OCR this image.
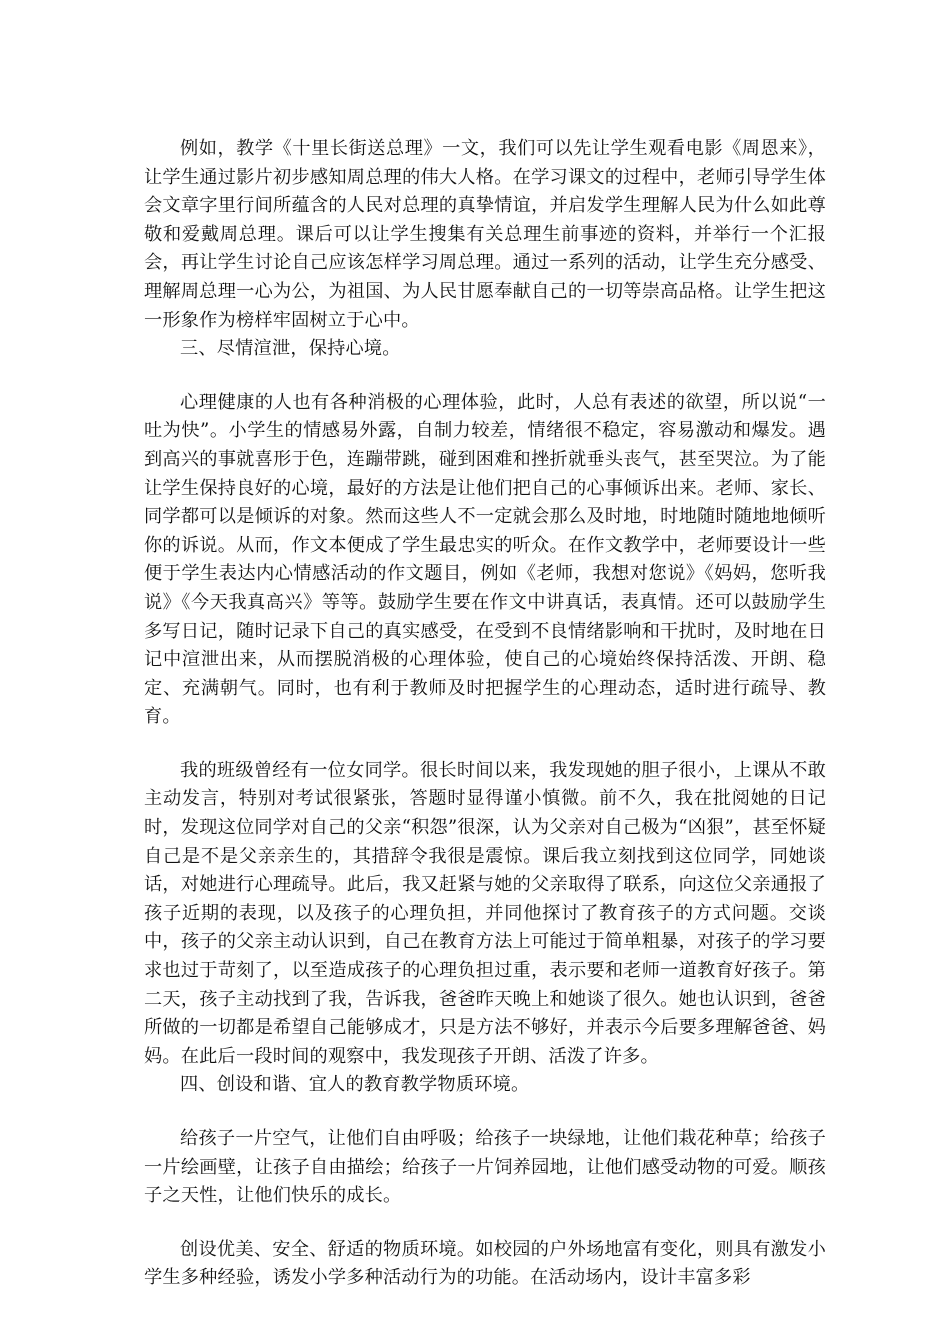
例如，教学《十里长街送总理》一文，我们可以先让学生观看电影《周恩来》，让学生通过影片初步感知周总理的伟大人格。在学习课文的过程中，老师引导学生体会文章字里行间所蕴含的人民对总理的真挚情谊，并启发学生理解人民为什么如此尊敬和爱戴周总理。课后可以让学生搜集有关总理生前事迹的资料，并举行一个汇报会，再让学生讨论自己应该怎样学习周总理。通过一系列的活动，让学生充分感受、理解周总理一心为公，为祖国、为人民甘愿奉献自己的一切等崇高品格。让学生把这一形象作为榜样牢固树立于心中。

三、尽情渲泄，保持心境。

心理健康的人也有各种消极的心理体验，此时，人总有表述的欲望，所以说“一吐为快”。小学生的情感易外露，自制力较差，情绪很不稳定，容易激动和爆发。遇到高兴的事就喜形于色，连蹦带跳，碰到困难和挫折就垂头丧气，甚至哭泣。为了能让学生保持良好的心境，最好的方法是让他们把自己的心事倾诉出来。老师、家长、同学都可以是倾诉的对象。然而这些人不一定就会那么及时地，时地随时随地地倾听你的诉说。从而，作文本便成了学生最忠实的听众。在作文教学中，老师要设计一些便于学生表达内心情感活动的作文题目，例如《老师，我想对您说》《妈妈，您听我说》《今天我真高兴》等等。鼓励学生要在作文中讲真话，表真情。还可以鼓励学生多写日记，随时记录下自己的真实感受，在受到不良情绪影响和干扰时，及时地在日记中渲泄出来，从而摆脱消极的心理体验，使自己的心境始终保持活泼、开朗、稳定、充满朝气。同时，也有利于教师及时把握学生的心理动态，适时进行疏导、教育。

我的班级曾经有一位女同学。很长时间以来，我发现她的胆子很小，上课从不敢主动发言，特别对考试很紧张，答题时显得谨小慎微。前不久，我在批阅她的日记时，发现这位同学对自己的父亲“积怨”很深，认为父亲对自己极为“凶狠”，甚至怀疑自己是不是父亲亲生的，其措辞令我很是震惊。课后我立刻找到这位同学，同她谈话，对她进行心理疏导。此后，我又赶紧与她的父亲取得了联系，向这位父亲通报了孩子近期的表现，以及孩子的心理负担，并同他探讨了教育孩子的方式问题。交谈中，孩子的父亲主动认识到，自己在教育方法上可能过于简单粗暴，对孩子的学习要求也过于苛刻了，以至造成孩子的心理负担过重，表示要和老师一道教育好孩子。第二天，孩子主动找到了我，告诉我，爸爸昨天晚上和她谈了很久。她也认识到，爸爸所做的一切都是希望自己能够成才，只是方法不够好，并表示今后要多理解爸爸、妈妈。在此后一段时间的观察中，我发现孩子开朗、活泼了许多。

四、创设和谐、宜人的教育教学物质环境。

给孩子一片空气，让他们自由呼吸；给孩子一块绿地，让他们栽花种草；给孩子一片绘画壁，让孩子自由描绘；给孩子一片饲养园地，让他们感受动物的可爱。顺孩子之天性，让他们快乐的成长。

创设优美、安全、舒适的物质环境。如校园的户外场地富有变化，则具有激发小学生多种经验，诱发小学多种活动行为的功能。在活动场内，设计丰富多彩
